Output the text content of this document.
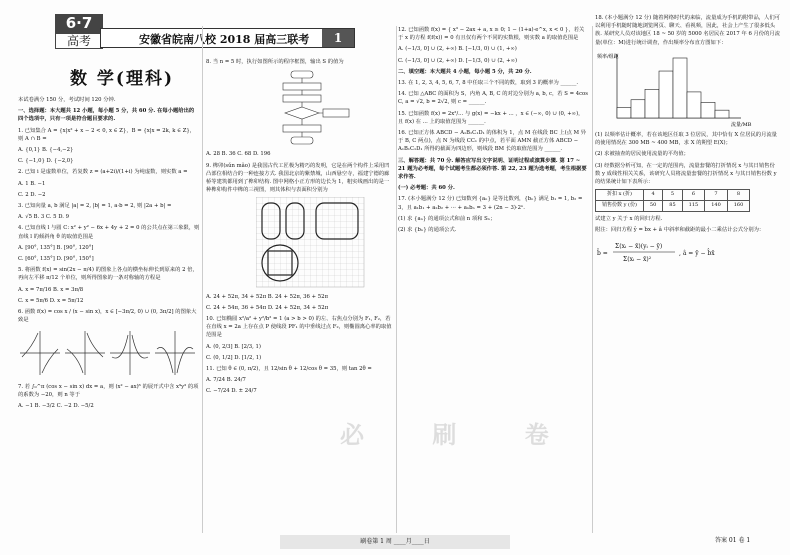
6·7
高考	安徽省皖南八校 2018 届高三联考	1
数 学(理科)

本试卷满分 150 分，考试时间 120 分钟.

一、选择题：本大题共 12 小题，每小题 5 分，共 60 分. 在每小题给出的

四个选项中，只有一项是符合题目要求的.

1. 已知集合 A = {x|x² + x − 2 < 0, x ∈ Z}，B = {x|x = 2k, k ∈ Z}，则 A ∩ B =

A. {0,1} B. {−4,−2}

C. {−1,0} D. {−2,0}

2. 已知 i 是虚数单位，若复数 z = (a+2i)/(1+i) 为纯虚数，则实数 a =

A. 1 B. −1

C. 2 D. −2

3. 已知向量 a, b 满足 |a| = 2, |b| = 1, a·b = 2, 则 |2a + b| =

A. √5 B. 3 C. 5 D. 9

4. 已知直线 l 与圆 C: x² + y² − 6x + 4y + 2 = 0 的公共点在第三象限，则直线 l 的倾斜角 θ 的取值范围是

A. [90°, 135°] B. [90°, 120°]

C. [60°, 135°] D. [90°, 150°]

5. 将函数 f(x) = sin(2x − π/4) 的图象上各点的横坐标伸长到原来的 2 倍，再向左平移 π/12 个单位，则所得图象的一条对称轴的方程是

A. x = 7π/16 B. x = 3π/8

C. x = 5π/6 D. x = 5π/12

6. 函数 f(x) = cos x / (x − sin x)，x ∈ [−3π/2, 0) ∪ (0, 3π/2] 的图象大致是

7. 若 ∫₀^π (cos x − sin x) dx = a，则 (x² − ax)⁶ 的展开式中含 x⁹y³ 的项的系数为 −20，则 n 等于

A. −1 B. −3/2 C. −2 D. −5/2

8. 当 n = 5 时，执行如图所示的程序框图，输出 S 的值为

A. 28 B. 36 C. 68 D. 196

9. 榫卯(sǔn mǎo) 是我国古代工匠极为精巧的发明，它是在两个构件上采用凹凸部位相结合的一种连接方式. 我国北京的紫禁城，山西悬空寺，福建宁德的廊桥等建筑都用到了榫卯结构. 图中网格小正方形的边长为 1，粗实线画出的是一种榫卯构件中榫的三视图，则其体积与表面积分别为

A. 24 + 52π, 34 + 52π B. 24 + 52π, 36 + 52π

C. 24 + 54π, 36 + 54π D. 24 + 52π, 34 + 52π

10. 已知椭圆 x²/a² + y²/b² = 1 (a > b > 0) 的左、右焦点分别为 F₁, F₂，若在直线 x = 2a 上存在点 P 使线段 PF₁ 的中垂线过点 F₂，则椭圆离心率的取值范围是

A. (0, 2/3] B. [2/3, 1)

C. (0, 1/2] D. [1/2, 1)

11. 已知 θ ∈ (0, π/2)，且 12/sin θ + 12/cos θ = 35，则 tan 2θ =

A. 7/24 B. 24/7

C. −7/24 D. ± 24/7

12. 已知函数 f(x) = { x³ − 2ax + a, x ≥ 0; 1 − (1+a)·e^x, x < 0 }，若关于 x 的方程 f(f(x)) = 0 有且仅有两个不同的实数根，则实数 a 的取值范围是

A. (−1/3, 0] ∪ (2, +∞) B. [−1/3, 0) ∪ (1, +∞)

C. (−1/3, 0] ∪ (2, +∞) D. [−1/3, 0) ∪ (2, +∞)

二、填空题：本大题共 4 小题，每小题 5 分，共 20 分.

13. 在 1, 2, 3, 4, 5, 6, 7, 8 中任取三个不同的数，取到 3 的概率为 ______.

14. 已知 △ABC 的面积为 S，内角 A, B, C 的对边分别为 a, b, c，若 S = 4cos C, a = √2, b = 2√2, 则 c = ______.

15. 已知函数 f(x) = 2x²/... 与 g(x) = −kx + ... ，x ∈ (−∞, 0) ∪ (0, +∞)，且 f(x) 在 ... 上的取值范围为 ______.

16. 已知正方体 ABCD − A₁B₁C₁D₁ 的体积为 1，点 M 在线段 BC 上(点 M 异于 B, C 两点)，点 N 为线段 CC₁ 的中点，若平面 AMN 截正方体 ABCD − A₁B₁C₁D₁ 所得的截面为四边形，则线段 BM 长的取值范围为 ______.

三、解答题：共 70 分. 解答应写出文字说明、证明过程或演算步骤. 第 17 ~ 21 题为必考题，每个试题考生都必须作答. 第 22, 23 题为选考题，考生根据要求作答.

(一) 必考题：共 60 分.

17. (本小题满分 12 分) 已知数列 {aₙ} 是等比数列，{bₙ} 满足 b₁ = 1, b₂ = 3，且 a₁b₁ + a₂b₂ + ··· + aₙbₙ = 3 + (2n − 3)·2ⁿ.

(1) 求 {aₙ} 的通项公式和前 n 项和 Sₙ；

(2) 求 {bₙ} 的通项公式.

18. (本小题满分 12 分) 随着网络时代的来临，流量成为手机的附带品，人们可以利用手机随时随地浏览网页、聊天、看视频，因此，社会上产生了很多低头族. 某研究人员对该地区 18 ~ 50 岁的 5000 名居民在 2017 年 6 月份的月流量(单位：M)进行统计调查，作出频率分布直方图如下：

频率/组距
流量/MB

(1) 以频率估计概率，若在该地区任取 3 位居民，其中恰有 X 位居民的月流量的使用情况在 300 MB ~ 400 MB，求 X 的期望 E(X)；

(2) 求被抽查的居民使用流量的平均值；

(3) 经数据分析可知，在一定的范围内，流量套餐的打折情况 x 与其日销售份数 y 成线性相关关系，该研究人员将流量套餐的打折情况 x 与其日销售份数 y 的结果统计如下表所示：

折扣 x (折)	4	5	6	7	8
销售份数 y (份)	50	85	115	140	160

试建立 y 关于 x 的回归方程.

附注：回归方程 ŷ = b̂x + â 中斜率和截距的最小二乘估计公式分别为：

b̂ =
Σ(xᵢ − x̄)(yᵢ − ȳ)
Σ(xᵢ − x̄)²
, â = ȳ − b̂x̄.
必 刷 卷
刷卷第 1 周 ____月____日	答案 01 卷 1
